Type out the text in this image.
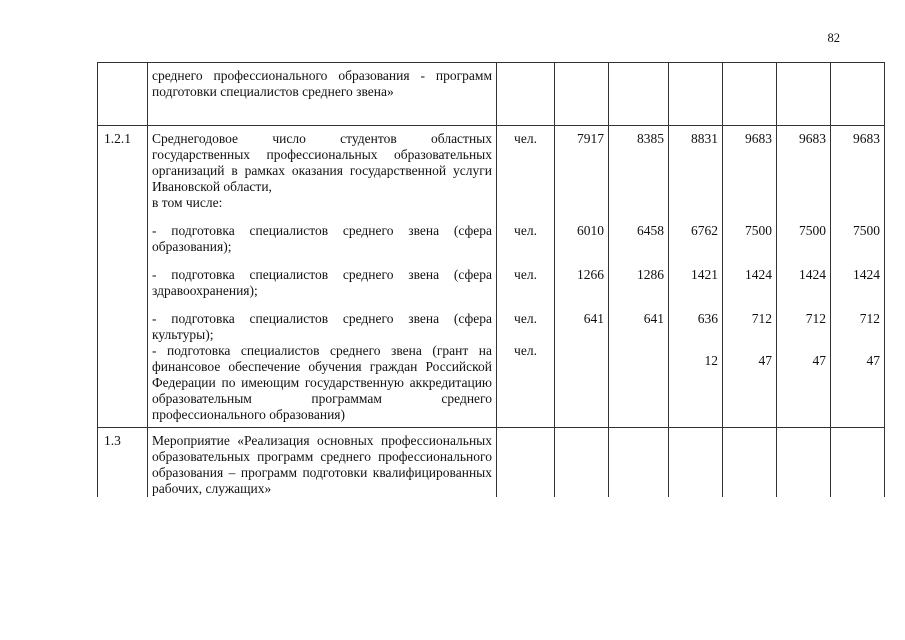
82
	среднего профессионального образования - программ подготовки специалистов среднего звена»							
1.2.1	Среднегодовое число студентов областных государственных профессиональных образовательных организаций в рамках оказания государственной услуги Ивановской области,
в том числе:	чел.	7917	8385	8831	9683	9683	9683
	- подготовка специалистов среднего звена (сфера образования);	чел.	6010	6458	6762	7500	7500	7500
	- подготовка специалистов среднего звена (сфера здравоохранения);	чел.	1266	1286	1421	1424	1424	1424
	- подготовка специалистов среднего звена (сфера культуры);	чел.	641	641	636	712	712	712
	- подготовка специалистов среднего звена (грант на финансовое обеспечение обучения граждан Российской Федерации по имеющим государственную аккредитацию образовательным программам среднего профессионального образования)	чел.			12	47	47	47
1.3	Мероприятие «Реализация основных профессиональных образовательных программ среднего профессионального образования – программ подготовки квалифицированных рабочих, служащих»							
